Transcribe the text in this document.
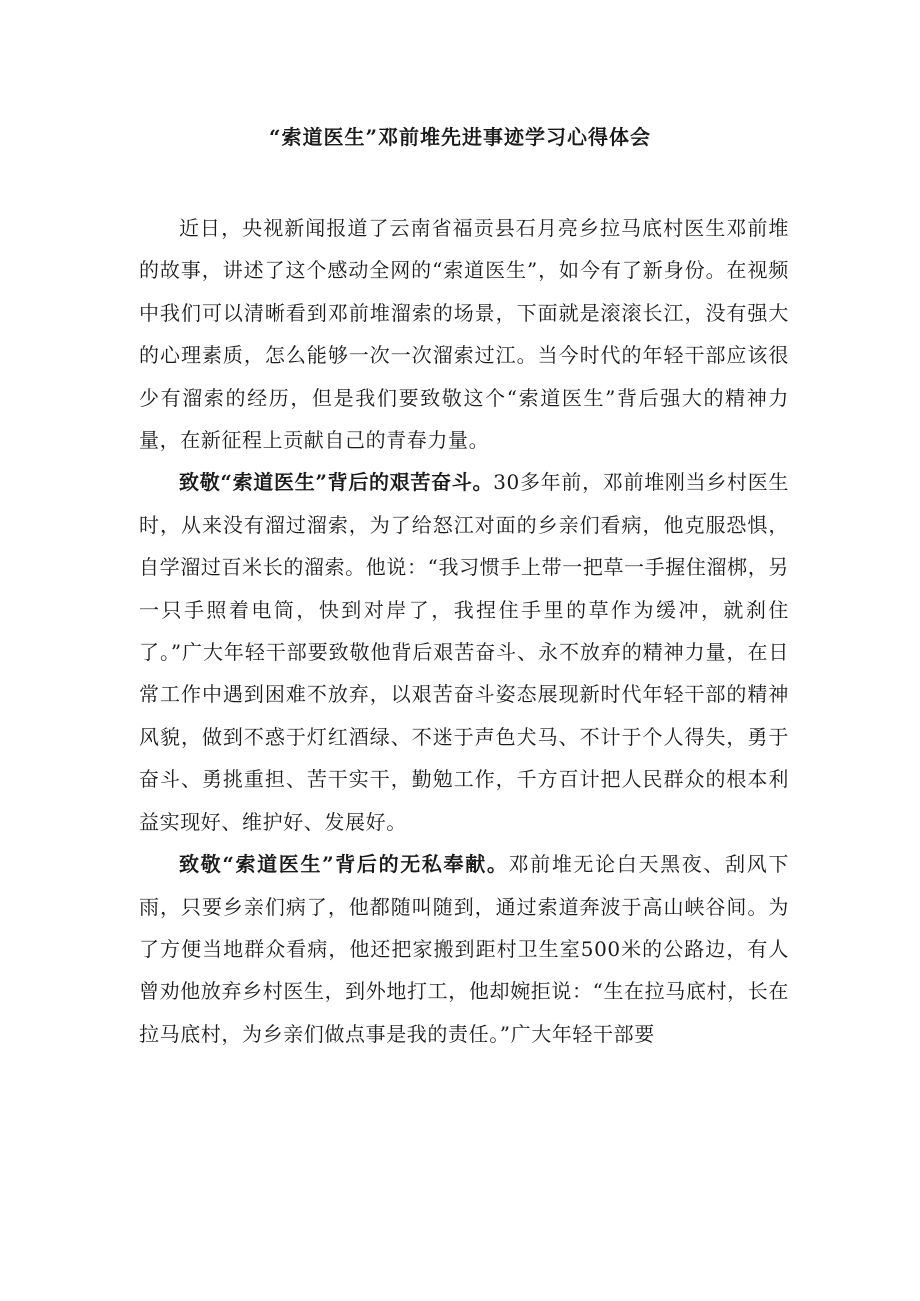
“索道医生”邓前堆先进事迹学习心得体会

近日，央视新闻报道了云南省福贡县石月亮乡拉马底村医生邓前堆的故事，讲述了这个感动全网的“索道医生”，如今有了新身份。在视频中我们可以清晰看到邓前堆溜索的场景，下面就是滚滚长江，没有强大的心理素质，怎么能够一次一次溜索过江。当今时代的年轻干部应该很少有溜索的经历，但是我们要致敬这个“索道医生”背后强大的精神力量，在新征程上贡献自己的青春力量。

致敬“索道医生”背后的艰苦奋斗。30多年前，邓前堆刚当乡村医生时，从来没有溜过溜索，为了给怒江对面的乡亲们看病，他克服恐惧，自学溜过百米长的溜索。他说：“我习惯手上带一把草一手握住溜梆，另一只手照着电筒，快到对岸了，我捏住手里的草作为缓冲，就刹住了。”广大年轻干部要致敬他背后艰苦奋斗、永不放弃的精神力量，在日常工作中遇到困难不放弃，以艰苦奋斗姿态展现新时代年轻干部的精神风貌，做到不惑于灯红酒绿、不迷于声色犬马、不计于个人得失，勇于奋斗、勇挑重担、苦干实干，勤勉工作，千方百计把人民群众的根本利益实现好、维护好、发展好。

致敬“索道医生”背后的无私奉献。邓前堆无论白天黑夜、刮风下雨，只要乡亲们病了，他都随叫随到，通过索道奔波于高山峡谷间。为了方便当地群众看病，他还把家搬到距村卫生室500米的公路边，有人曾劝他放弃乡村医生，到外地打工，他却婉拒说：“生在拉马底村，长在拉马底村，为乡亲们做点事是我的责任。”广大年轻干部要
